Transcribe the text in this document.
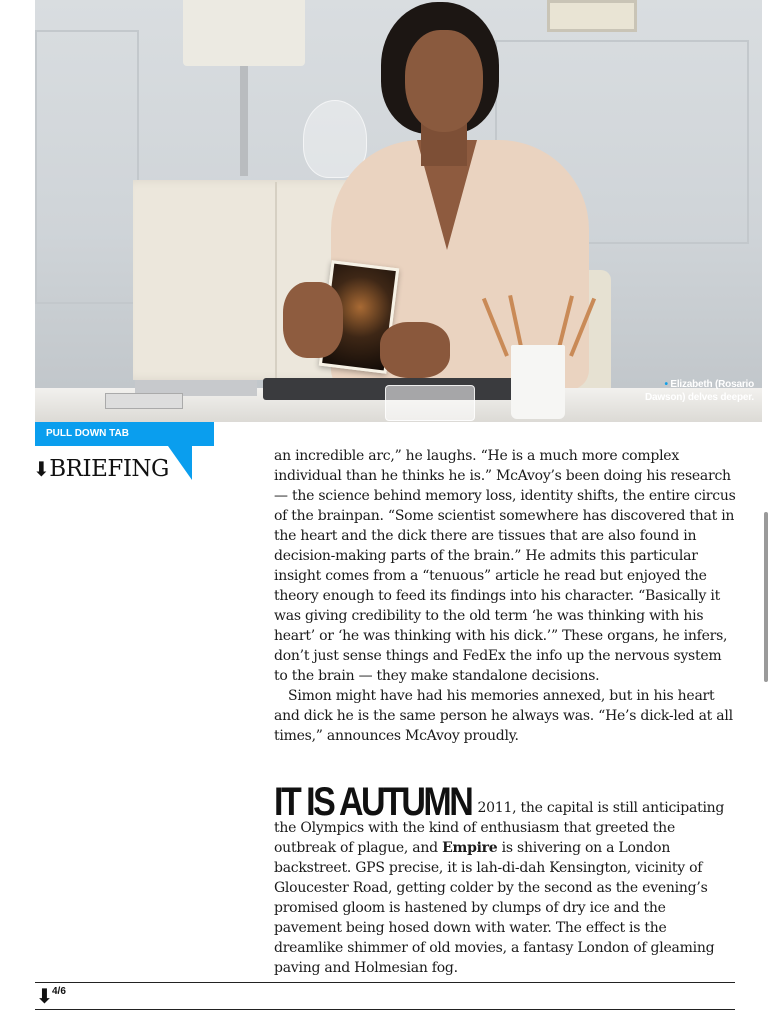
• Elizabeth (Rosario Dawson) delves deeper.
PULL DOWN TAB
⬇BRIEFING	an incredible arc,” he laughs. “He is a much more complex individual than he thinks he is.” McAvoy’s been doing his research — the science behind memory loss, identity shifts, the entire circus of the brainpan. “Some scientist somewhere has discovered that in the heart and the dick there are tissues that are also found in decision-making parts of the brain.” He admits this particular insight comes from a “tenuous” article he read but enjoyed the theory enough to feed its findings into his character. “Basically it was giving credibility to the old term ‘he was thinking with his heart’ or ‘he was thinking with his dick.’” These organs, he infers, don’t just sense things and FedEx the info up the nervous system to the brain — they make standalone decisions.

Simon might have had his memories annexed, but in his heart and dick he is the same person he always was. “He’s dick-led at all times,” announces McAvoy proudly.

IT IS AUTUMN 2011, the capital is still anticipating the Olympics with the kind of enthusiasm that greeted the outbreak of plague, and Empire is shivering on a London backstreet. GPS precise, it is lah-di-dah Kensington, vicinity of Gloucester Road, getting colder by the second as the evening’s promised gloom is hastened by clumps of dry ice and the pavement being hosed down with water. The effect is the dreamlike shimmer of old movies, a fantasy London of gleaming paving and Holmesian fog.

⬇ 4/6
